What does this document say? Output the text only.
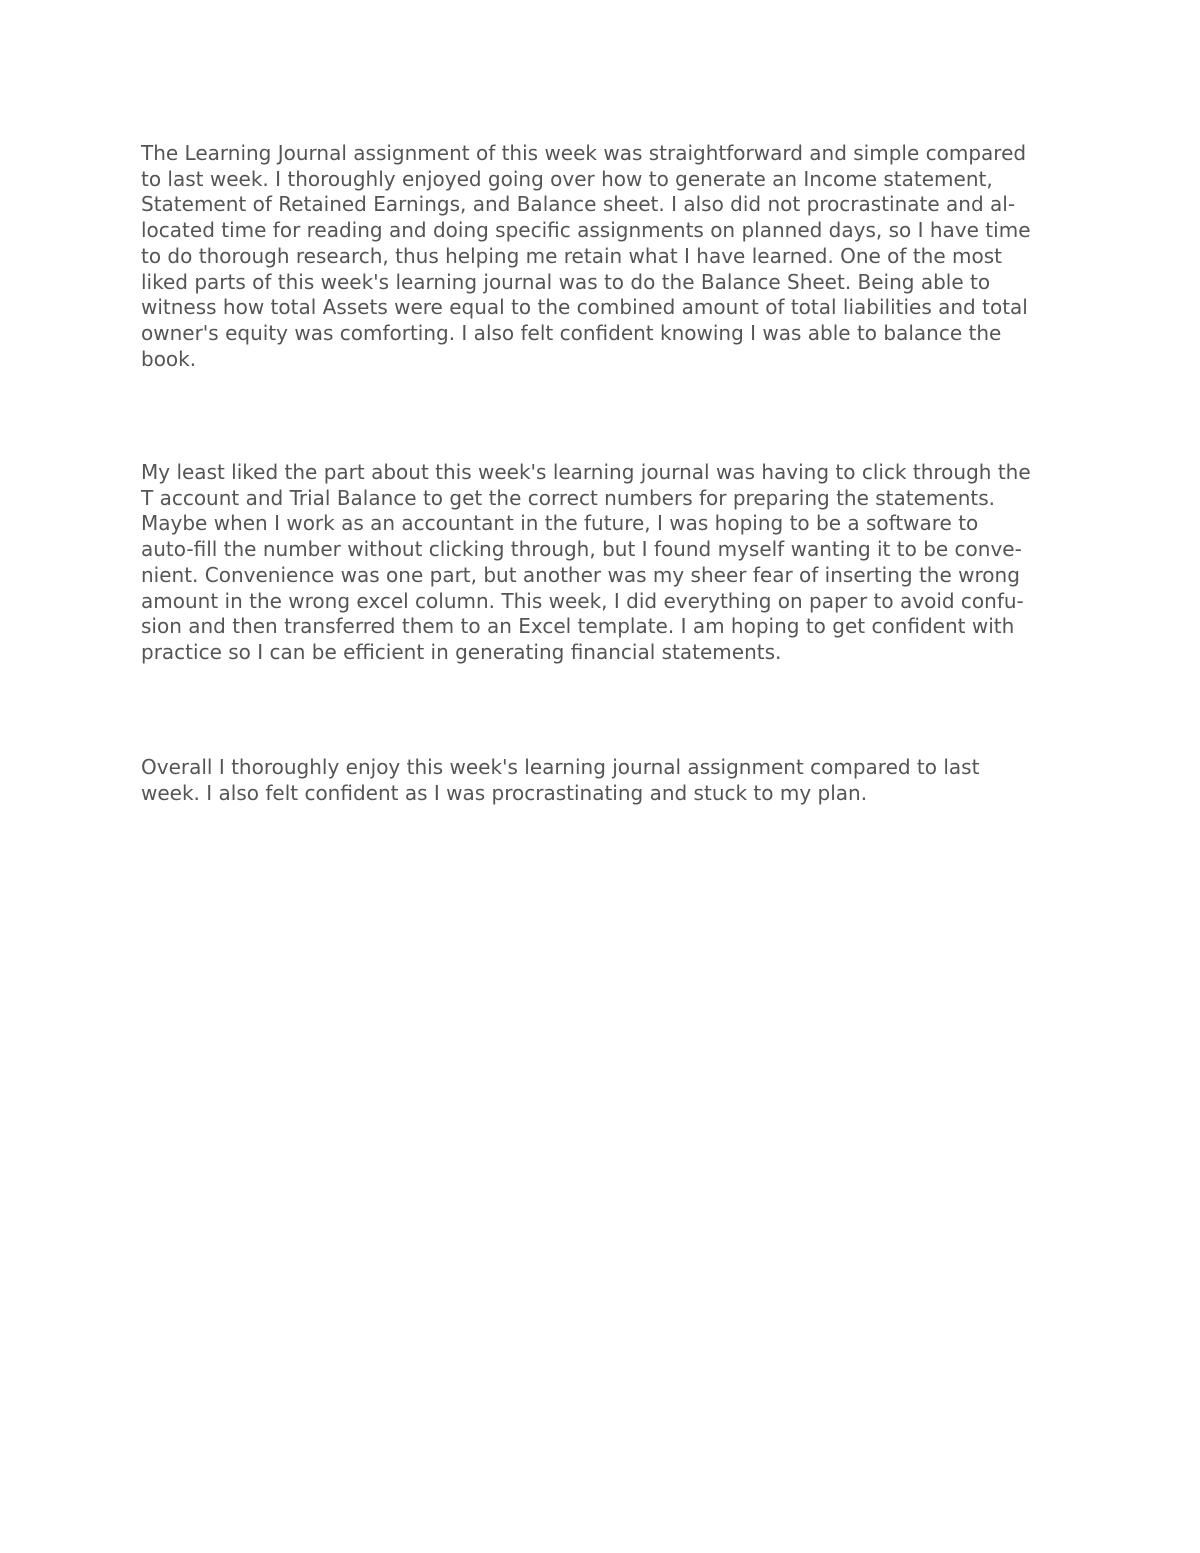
The Learning Journal assignment of this week was straightforward and simple compared
to last week. I thoroughly enjoyed going over how to generate an Income statement,
Statement of Retained Earnings, and Balance sheet. I also did not procrastinate and al-
located time for reading and doing specific assignments on planned days, so I have time
to do thorough research, thus helping me retain what I have learned. One of the most
liked parts of this week's learning journal was to do the Balance Sheet. Being able to
witness how total Assets were equal to the combined amount of total liabilities and total
owner's equity was comforting. I also felt confident knowing I was able to balance the
book.

My least liked the part about this week's learning journal was having to click through the
T account and Trial Balance to get the correct numbers for preparing the statements.
Maybe when I work as an accountant in the future, I was hoping to be a software to
auto-fill the number without clicking through, but I found myself wanting it to be conve-
nient. Convenience was one part, but another was my sheer fear of inserting the wrong
amount in the wrong excel column. This week, I did everything on paper to avoid confu-
sion and then transferred them to an Excel template. I am hoping to get confident with
practice so I can be efficient in generating financial statements.

Overall I thoroughly enjoy this week's learning journal assignment compared to last
week. I also felt confident as I was procrastinating and stuck to my plan.
